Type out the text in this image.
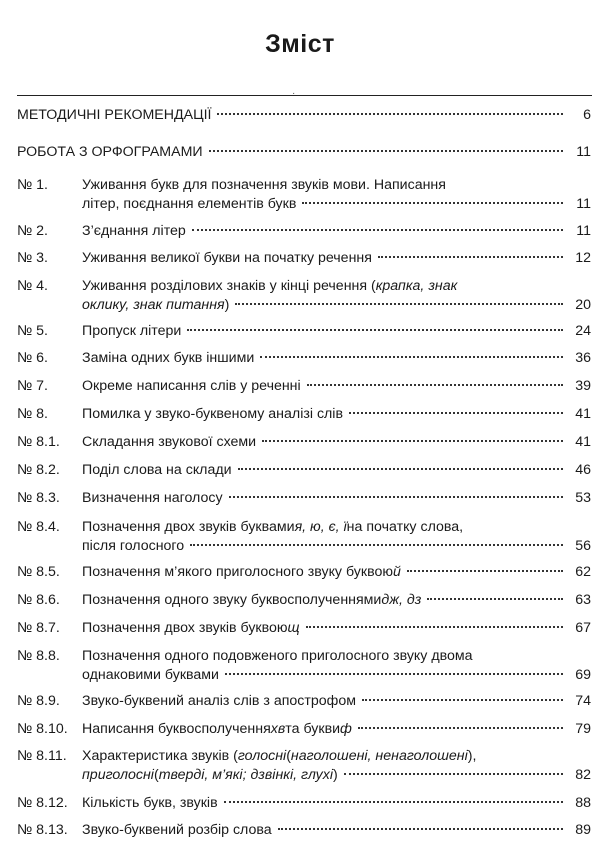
Зміст
·
МЕТОДИЧНІ РЕКОМЕНДАЦІЇ	6
РОБОТА З ОРФОГРАМАМИ	11
№ 1. Уживання букв для позначення звуків мови. Написання
літер, поєднання елементів букв	11
№ 2. З’єднання літер	11
№ 3. Уживання великої букви на початку речення	12
№ 4. Уживання розділових знаків у кінці речення ( крапка, знак
оклику, знак питання )	20
№ 5. Пропуск літери	24
№ 6. Заміна одних букв іншими	36
№ 7. Окреме написання слів у реченні	39
№ 8. Помилка у звуко-буквеному аналізі слів	41
№ 8.1. Складання звукової схеми	41
№ 8.2. Поділ слова на склади	46
№ 8.3. Визначення наголосу	53
№ 8.4. Позначення двох звуків буквами я, ю, є, ї на початку слова,
після голосного	56
№ 8.5. Позначення м’якого приголосного звуку буквою й	62
№ 8.6. Позначення одного звуку буквосполученнями дж, дз	63
№ 8.7. Позначення двох звуків буквою щ	67
№ 8.8. Позначення одного подовженого приголосного звуку двома
однаковими буквами	69
№ 8.9. Звуко-буквений аналіз слів з апострофом	74
№ 8.10. Написання буквосполучення хв та букви ф	79
№ 8.11. Характеристика звуків ( голосні ( наголошені, ненаголошені ),
приголосні ( тверді, м’які; дзвінкі, глухі )	82
№ 8.12. Кількість букв, звуків	88
№ 8.13. Звуко-буквений розбір слова	89
